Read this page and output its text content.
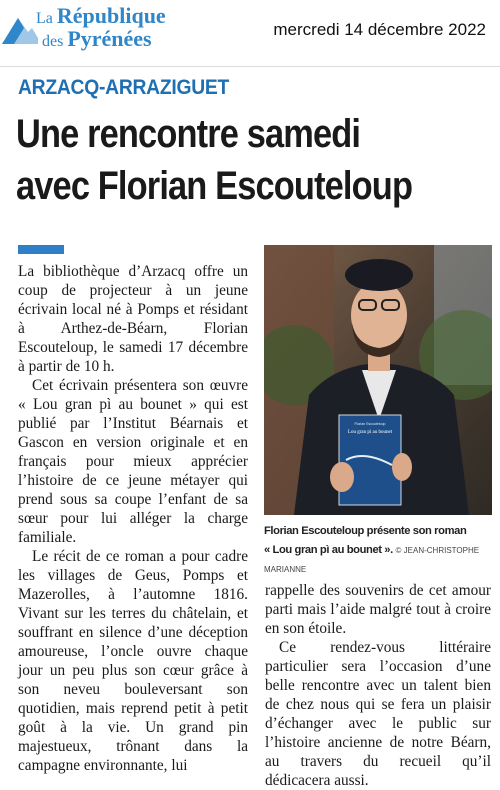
La République
des Pyrénées	mercredi 14 décembre 2022
ARZACQ-ARRAZIGUET
Une rencontre samedi
avec Florian Escouteloup

La bibliothèque d’Arzacq offre un coup de projecteur à un jeune écrivain local né à Pomps et résidant à Arthez-de-Béarn, Florian Escouteloup, le samedi 17 décembre à partir de 10 h.

Cet écrivain présentera son œuvre « Lou gran pì au bounet » qui est publié par l’Institut Béarnais et Gascon en version originale et en français pour mieux apprécier l’histoire de ce jeune métayer qui prend sous sa coupe l’enfant de sa sœur pour lui alléger la charge familiale.

Le récit de ce roman a pour cadre les villages de Geus, Pomps et Mazerolles, à l’automne 1816. Vivant sur les terres du châtelain, et souffrant en silence d’une déception amoureuse, l’oncle ouvre chaque jour un peu plus son cœur grâce à son neveu bouleversant son quotidien, mais reprend petit à petit goût à la vie. Un grand pin majestueux, trônant dans la campagne environnante, lui

Lou gran pì au bounet
Florian Escouteloup
Florian Escouteloup présente son roman
« Lou gran pì au bounet ». © JEAN-CHRISTOPHE MARIANNE

rappelle des souvenirs de cet amour parti mais l’aide malgré tout à croire en son étoile.

Ce rendez-vous littéraire particulier sera l’occasion d’une belle rencontre avec un talent bien de chez nous qui se fera un plaisir d’échanger avec le public sur l’histoire ancienne de notre Béarn, au travers du recueil qu’il dédicacera aussi.
